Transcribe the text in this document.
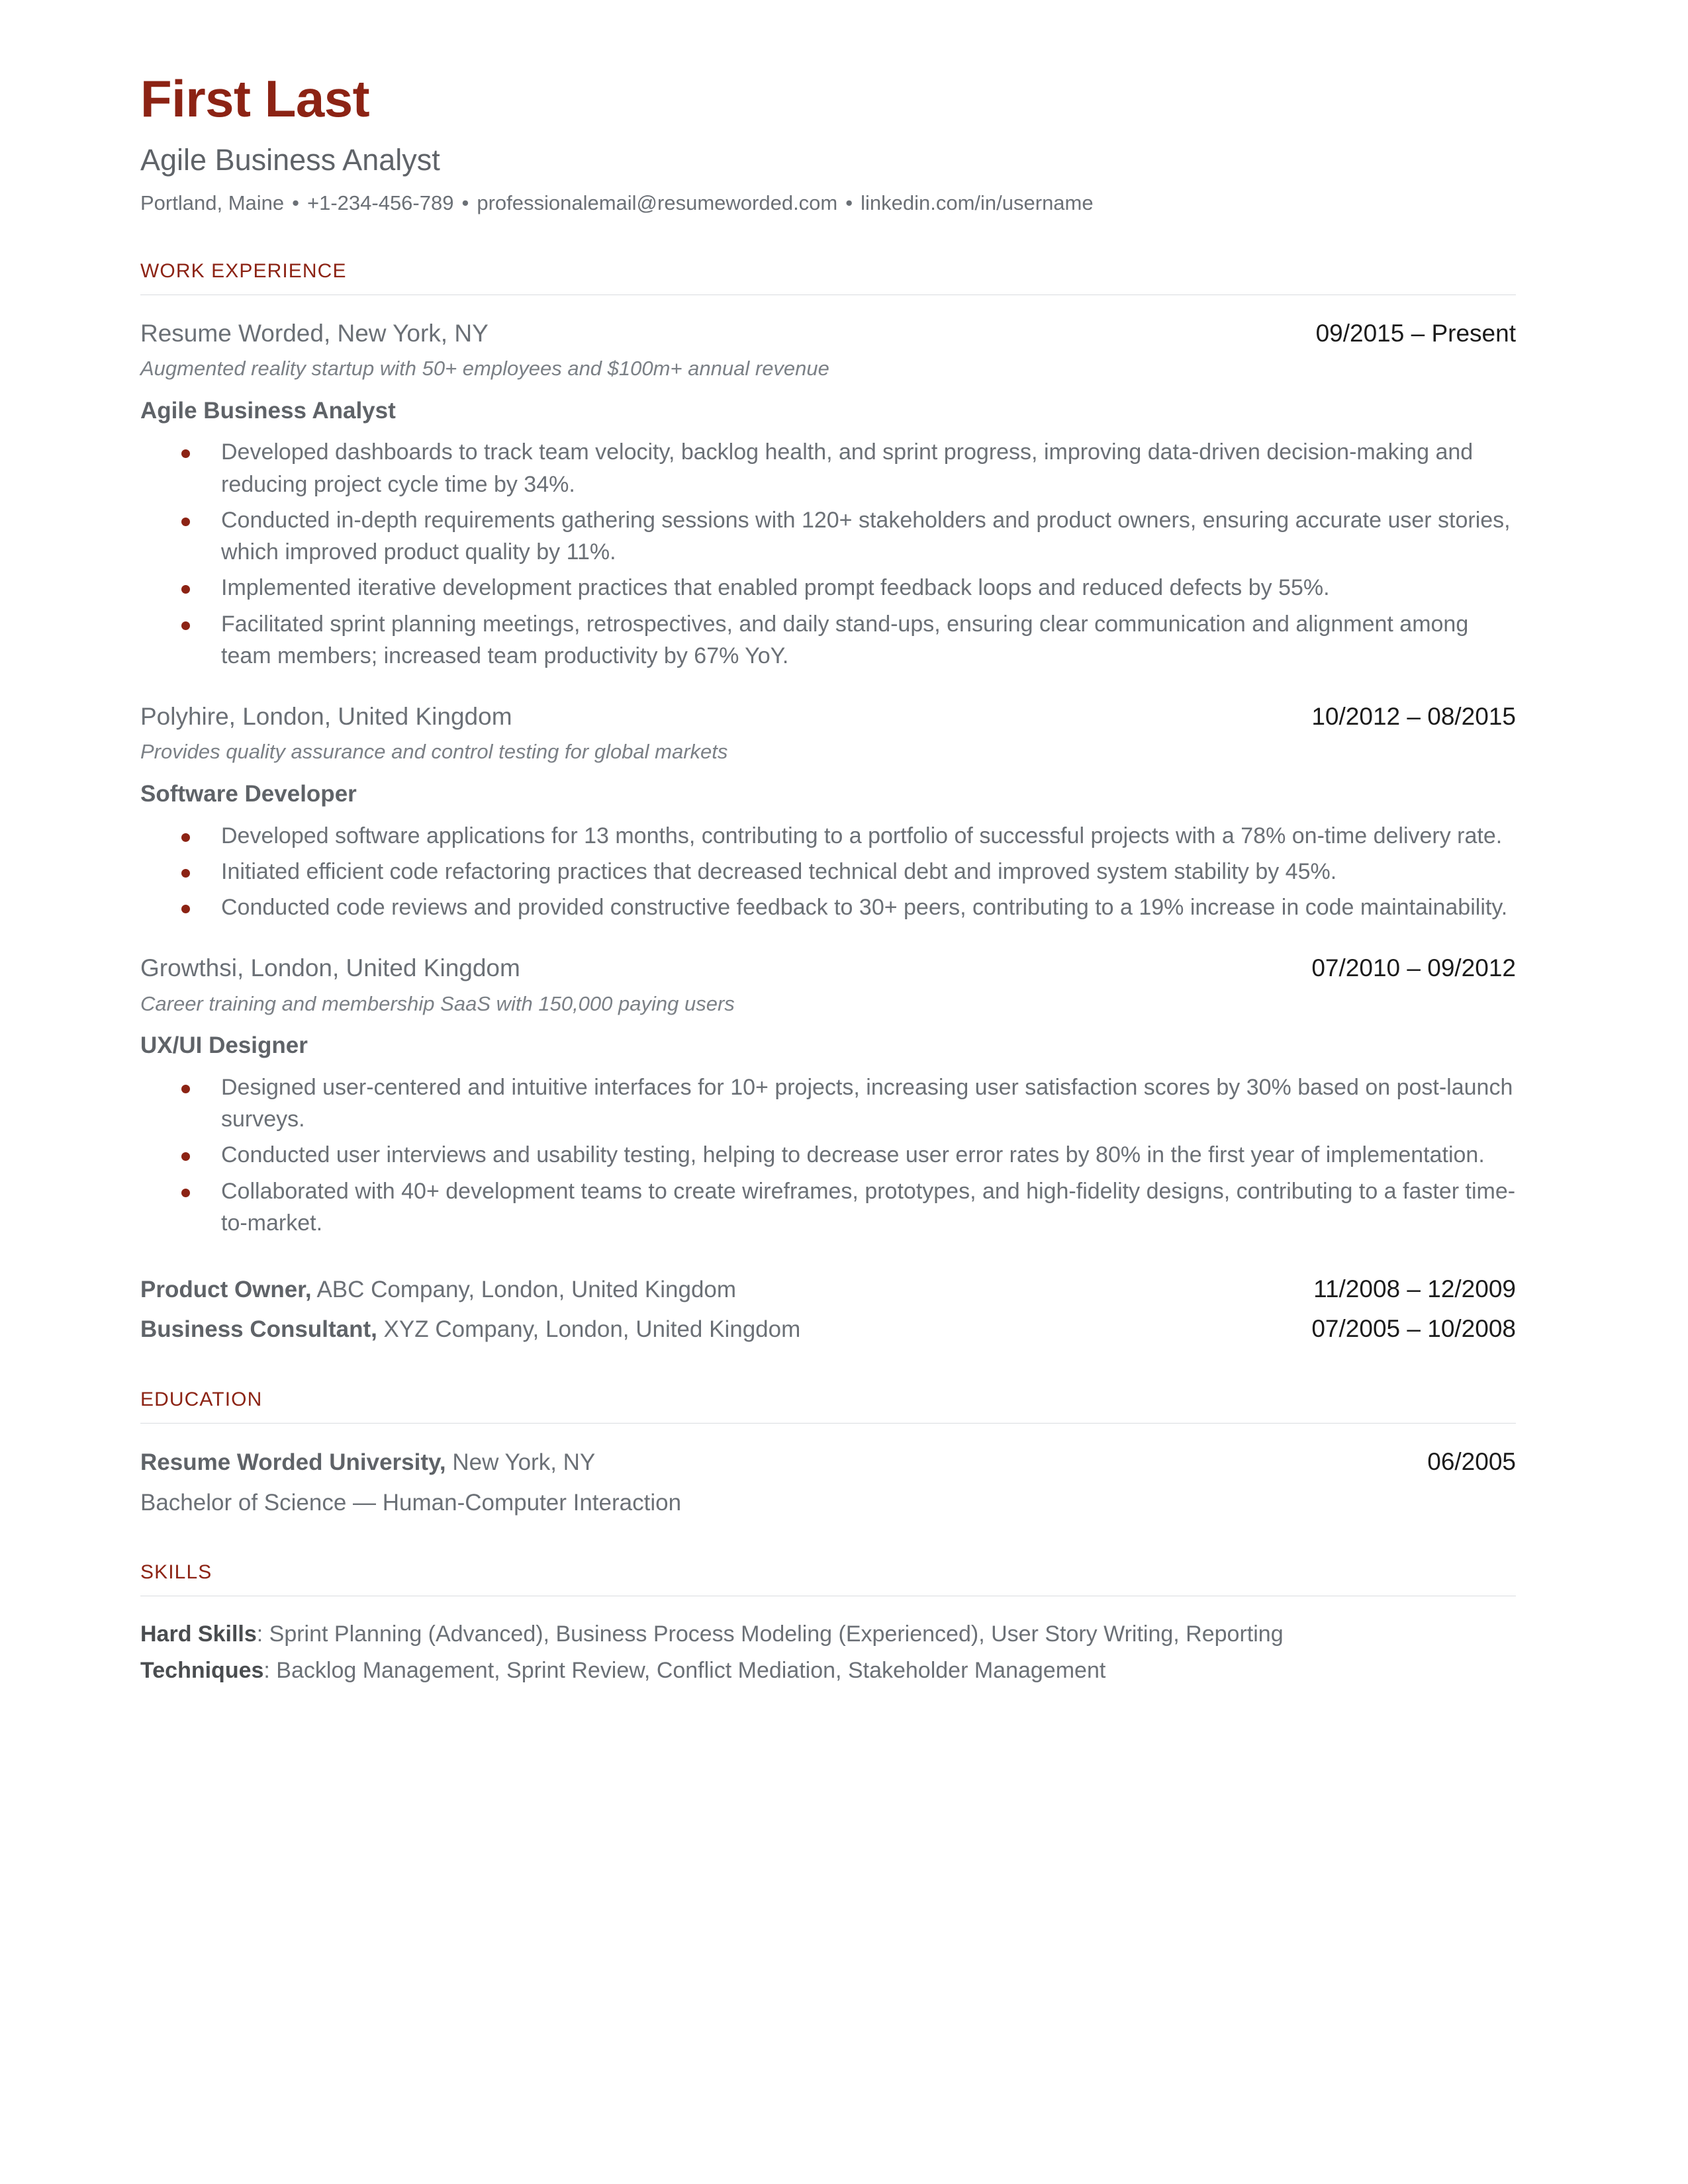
First Last
Agile Business Analyst
Portland, Maine • +1-234-456-789 • professionalemail@resumeworded.com • linkedin.com/in/username
WORK EXPERIENCE
Resume Worded, New York, NY	09/2015 – Present
Augmented reality startup with 50+ employees and $100m+ annual revenue
Agile Business Analyst
Developed dashboards to track team velocity, backlog health, and sprint progress, improving data-driven decision-making and reducing project cycle time by 34%.
Conducted in-depth requirements gathering sessions with 120+ stakeholders and product owners, ensuring accurate user stories, which improved product quality by 11%.
Implemented iterative development practices that enabled prompt feedback loops and reduced defects by 55%.
Facilitated sprint planning meetings, retrospectives, and daily stand-ups, ensuring clear communication and alignment among team members; increased team productivity by 67% YoY.
Polyhire, London, United Kingdom	10/2012 – 08/2015
Provides quality assurance and control testing for global markets
Software Developer
Developed software applications for 13 months, contributing to a portfolio of successful projects with a 78% on-time delivery rate.
Initiated efficient code refactoring practices that decreased technical debt and improved system stability by 45%.
Conducted code reviews and provided constructive feedback to 30+ peers, contributing to a 19% increase in code maintainability.
Growthsi, London, United Kingdom	07/2010 – 09/2012
Career training and membership SaaS with 150,000 paying users
UX/UI Designer
Designed user-centered and intuitive interfaces for 10+ projects, increasing user satisfaction scores by 30% based on post-launch surveys.
Conducted user interviews and usability testing, helping to decrease user error rates by 80% in the first year of implementation.
Collaborated with 40+ development teams to create wireframes, prototypes, and high-fidelity designs, contributing to a faster time-to-market.
Product Owner, ABC Company, London, United Kingdom	11/2008 – 12/2009
Business Consultant, XYZ Company, London, United Kingdom	07/2005 – 10/2008
EDUCATION
Resume Worded University, New York, NY	06/2005
Bachelor of Science — Human-Computer Interaction
SKILLS
Hard Skills: Sprint Planning (Advanced), Business Process Modeling (Experienced), User Story Writing, Reporting
Techniques: Backlog Management, Sprint Review, Conflict Mediation, Stakeholder Management
